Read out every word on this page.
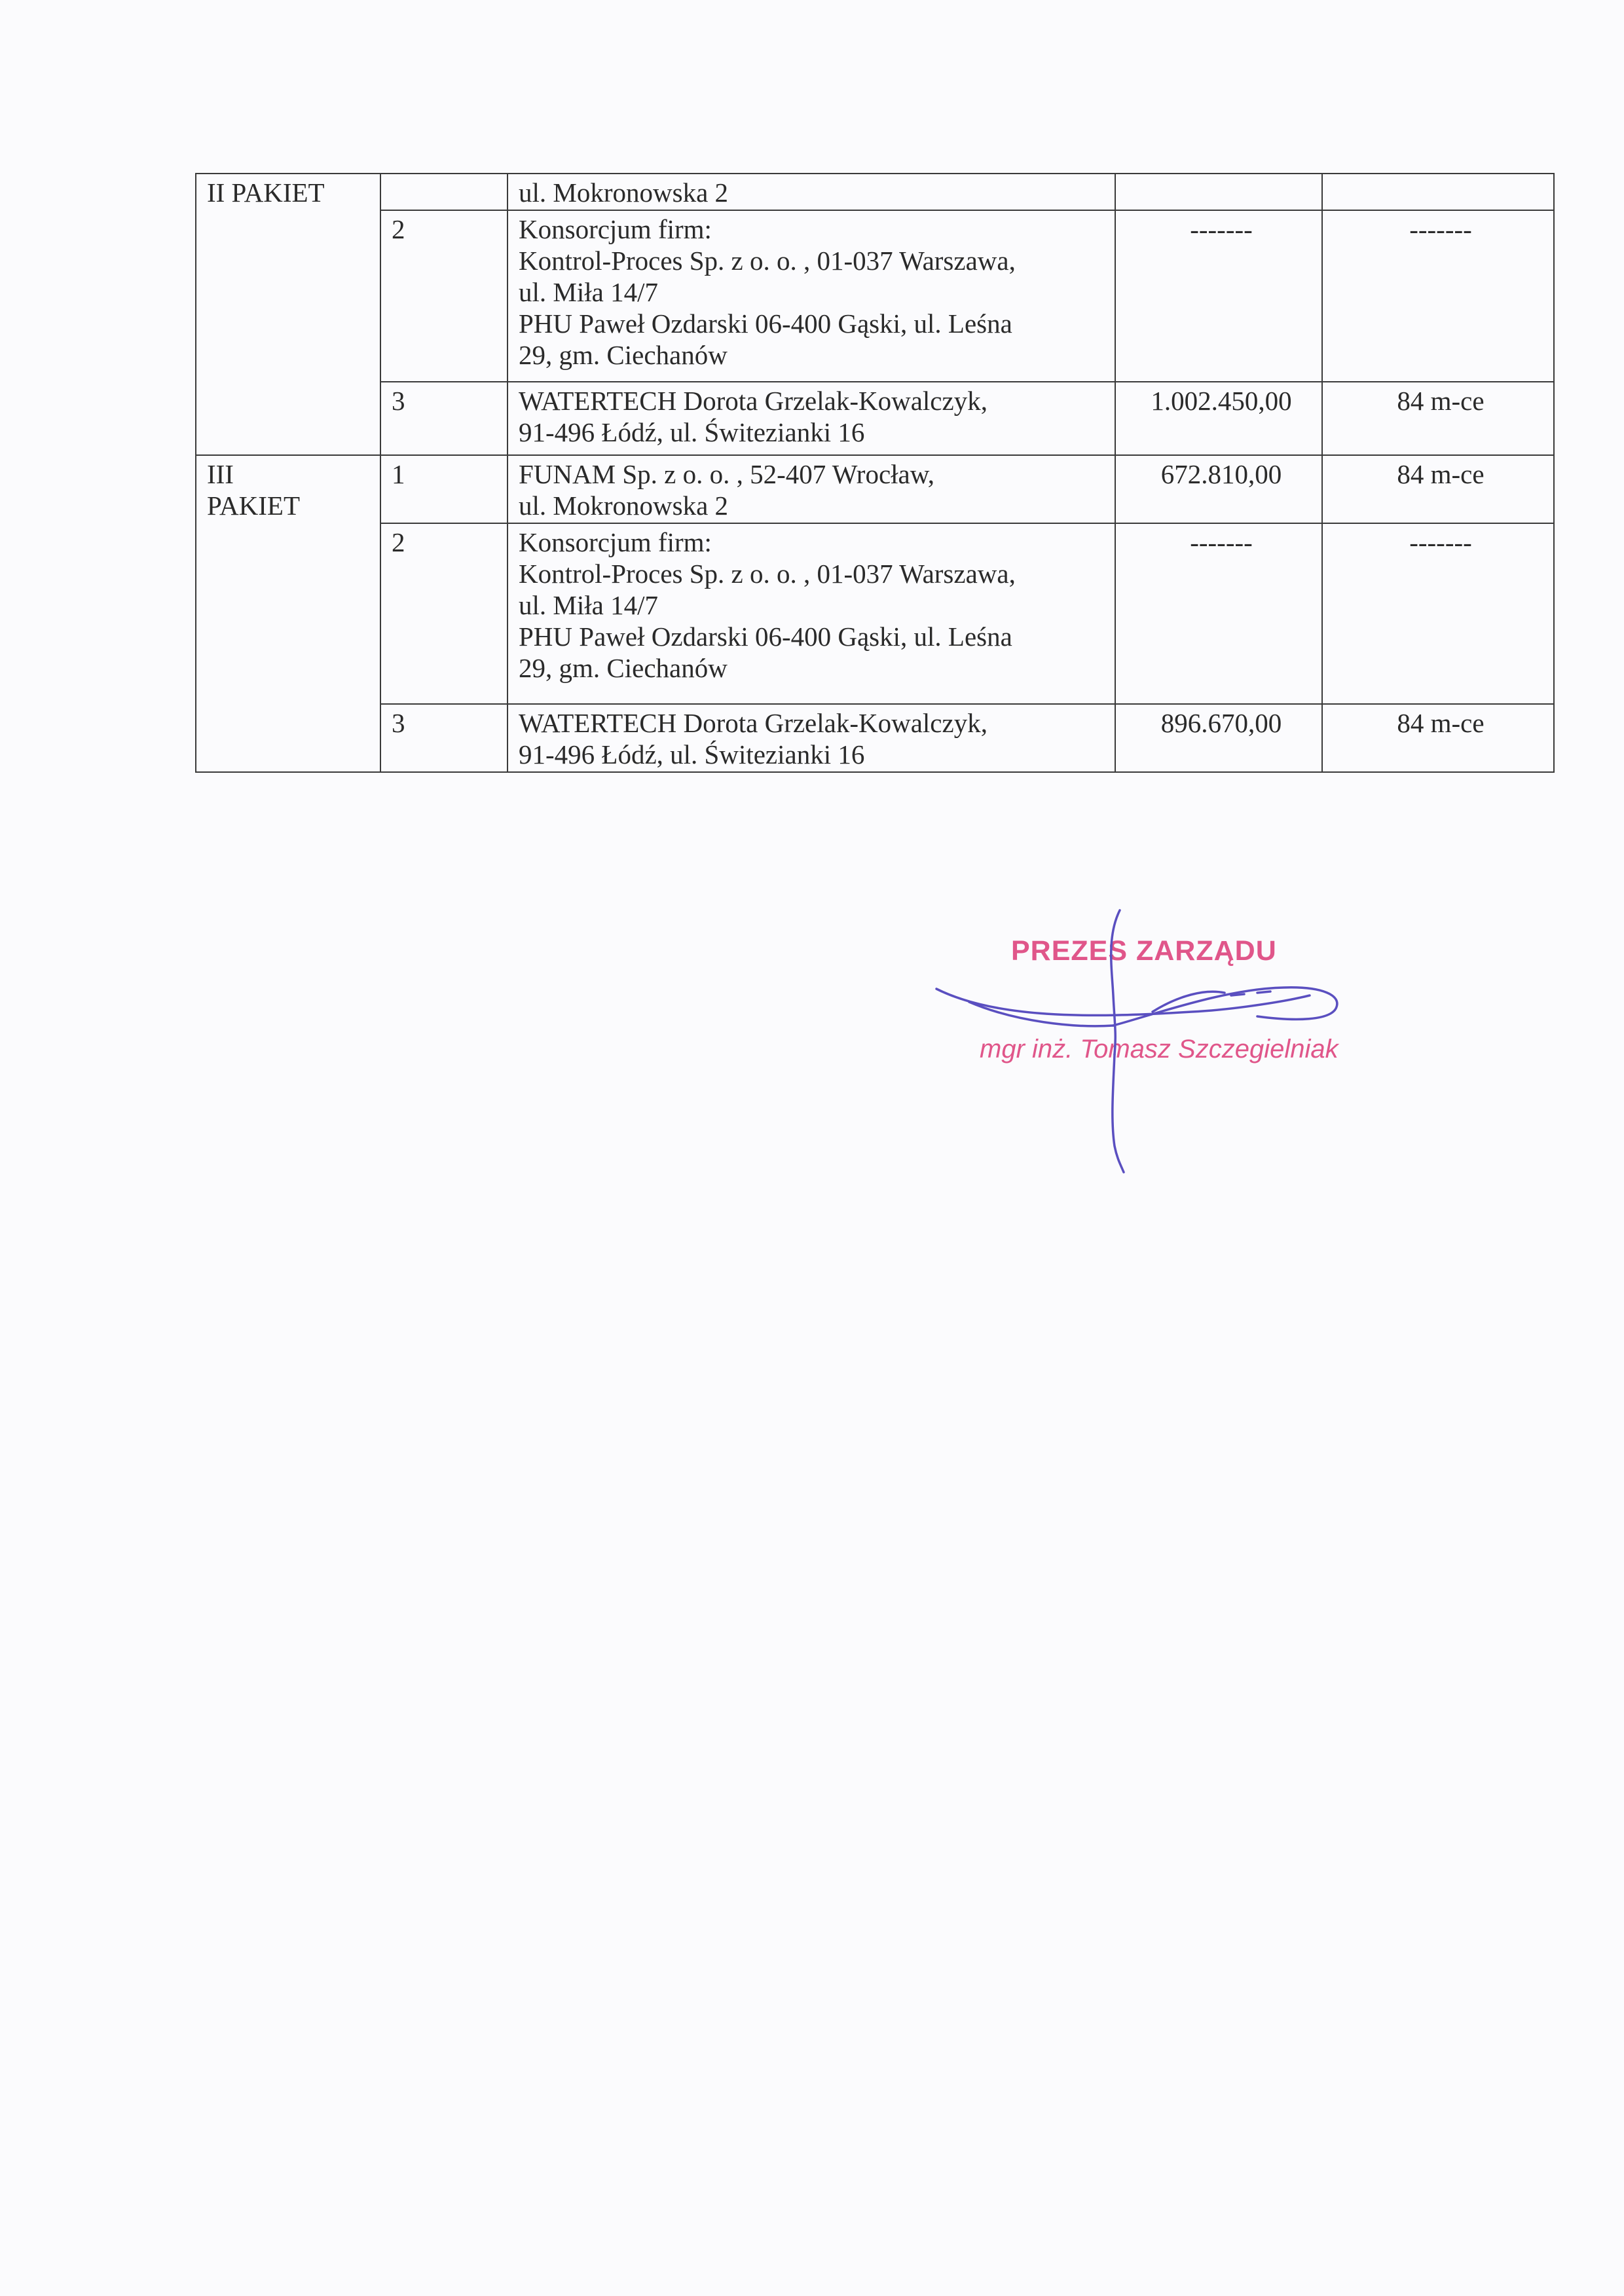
II PAKIET		ul. Mokronowska 2		

	2	Konsorcjum firm:
Kontrol-Proces Sp. z o. o. , 01-037 Warszawa,
ul. Miła 14/7
PHU Paweł Ozdarski 06-400 Gąski, ul. Leśna
29, gm. Ciechanów	-------	-------
	3	WATERTECH Dorota Grzelak-Kowalczyk,
91-496 Łódź, ul. Świtezianki 16	1.002.450,00	84 m-ce

III PAKIET	1	FUNAM Sp. z o. o. , 52-407 Wrocław,
ul. Mokronowska 2	672.810,00	84 m-ce
	2	Konsorcjum firm:
Kontrol-Proces Sp. z o. o. , 01-037 Warszawa,
ul. Miła 14/7
PHU Paweł Ozdarski 06-400 Gąski, ul. Leśna
29, gm. Ciechanów	-------	-------
	3	WATERTECH Dorota Grzelak-Kowalczyk,
91-496 Łódź, ul. Świtezianki 16	896.670,00	84 m-ce
PREZES ZARZĄDU
mgr inż. Tomasz Szczegielniak
